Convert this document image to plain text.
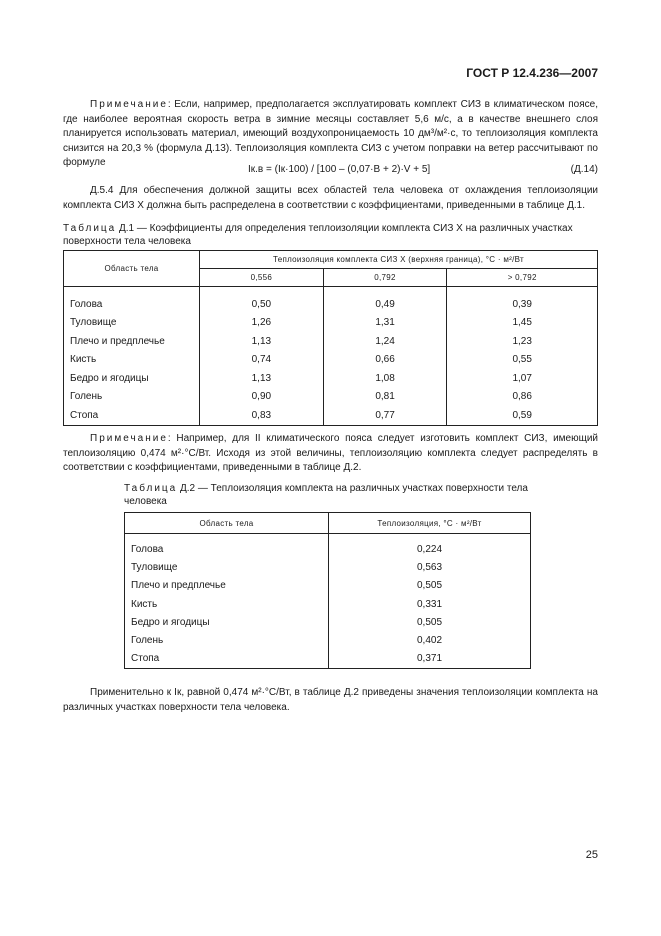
ГОСТ Р 12.4.236—2007

Примечание: Если, например, предполагается эксплуатировать комплект СИЗ в климатическом поясе, где наиболее вероятная скорость ветра в зимние месяцы составляет 5,6 м/с, а в качестве внешнего слоя планируется использовать материал, имеющий воздухопроницаемость 10 дм³/м²·с, то теплоизоляция комплекта снизится на 20,3 % (формула Д.13). Теплоизоляция комплекта СИЗ с учетом поправки на ветер рассчитывают по формуле

Iк.в = (Iк·100) / [100 – (0,07·B + 2)·V + 5]	(Д.14)

Д.5.4 Для обеспечения должной защиты всех областей тела человека от охлаждения теплоизоляции комплекта СИЗ X должна быть распределена в соответствии с коэффициентами, приведенными в таблице Д.1.

Таблица Д.1 — Коэффициенты для определения теплоизоляции комплекта СИЗ X на различных участках поверхности тела человека

Область тела	Теплоизоляция комплекта СИЗ X (верхняя граница), °С · м²/Вт		
	0,556	0,792	> 0,792
Голова	0,50	0,49	0,39
Туловище	1,26	1,31	1,45
Плечо и предплечье	1,13	1,24	1,23
Кисть	0,74	0,66	0,55
Бедро и ягодицы	1,13	1,08	1,07
Голень	0,90	0,81	0,86
Стопа	0,83	0,77	0,59

Примечание: Например, для II климатического пояса следует изготовить комплект СИЗ, имеющий теплоизоляцию 0,474 м²·°С/Вт. Исходя из этой величины, теплоизоляцию комплекта следует распределять в соответствии с коэффициентами, приведенными в таблице Д.2.

Таблица Д.2 — Теплоизоляция комплекта на различных участках поверхности тела человека

Область тела	Теплоизоляция, °С · м²/Вт
Голова	0,224
Туловище	0,563
Плечо и предплечье	0,505
Кисть	0,331
Бедро и ягодицы	0,505
Голень	0,402
Стопа	0,371

Применительно к Iк, равной 0,474 м²·°С/Вт, в таблице Д.2 приведены значения теплоизоляции комплекта на различных участках поверхности тела человека.

25
